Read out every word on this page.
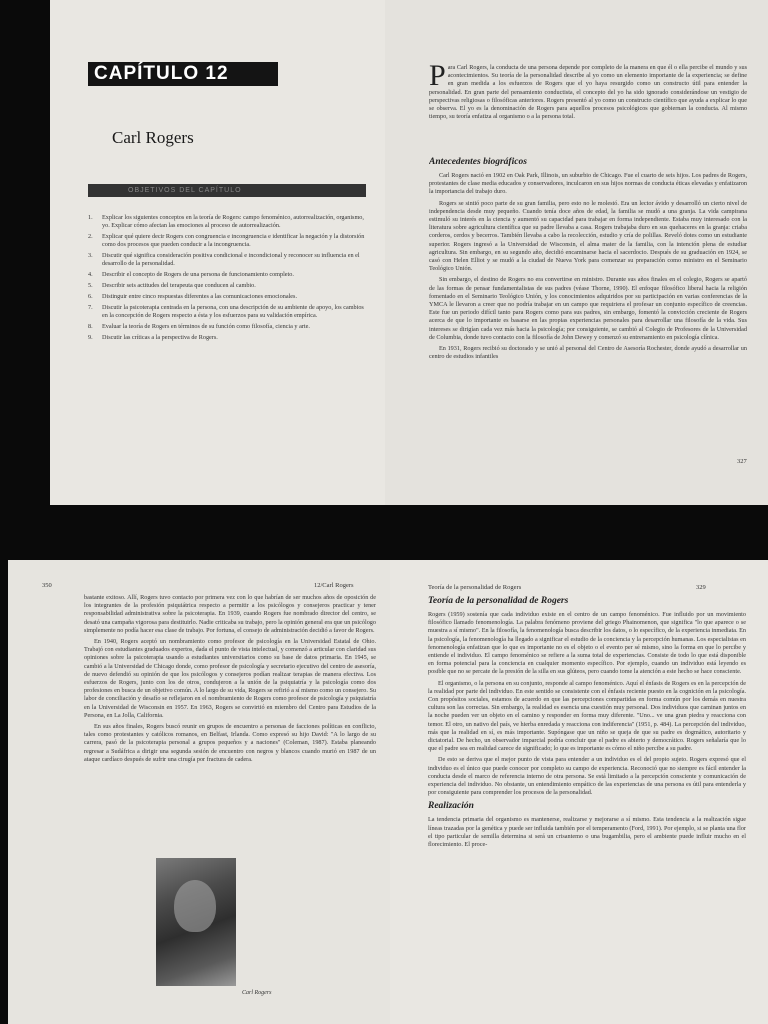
CAPÍTULO 12
Carl Rogers
OBJETIVOS DEL CAPÍTULO
1. Explicar los siguientes conceptos en la teoría de Rogers: campo fenoménico, autorrealización, organismo, yo. Explicar cómo afectan las emociones al proceso de autorrealización.
2. Explicar qué quiere decir Rogers con congruencia e incongruencia e identificar la negación y la distorsión como dos procesos que pueden conducir a la incongruencia.
3. Discutir qué significa consideración positiva condicional e incondicional y reconocer su influencia en el desarrollo de la personalidad.
4. Describir el concepto de Rogers de una persona de funcionamiento completo.
5. Describir seis actitudes del terapeuta que conducen al cambio.
6. Distinguir entre cinco respuestas diferentes a las comunicaciones emocionales.
7. Discutir la psicoterapia centrada en la persona, con una descripción de su ambiente de apoyo, los cambios en la concepción de Rogers respecto a ésta y los esfuerzos para su validación empírica.
8. Evaluar la teoría de Rogers en términos de su función como filosofía, ciencia y arte.
9. Discutir las críticas a la perspectiva de Rogers.

Para Carl Rogers, la conducta de una persona depende por completo de la manera en que él o ella percibe el mundo y sus acontecimientos. Su teoría de la personalidad describe al yo como un elemento importante de la experiencia; se define en gran medida a los esfuerzos de Rogers que el yo haya resurgido como un constructo útil para entender la personalidad. En gran parte del pensamiento conductista, el concepto del yo ha sido ignorado considerándose un vestigio de perspectivas religiosas o filosóficas anteriores. Rogers presentó al yo como un constructo científico que ayuda a explicar lo que se observa. El yo es la denominación de Rogers para aquellos procesos psicológicos que gobiernan la conducta. Al mismo tiempo, su teoría enfatiza al organismo o a la persona total.

Antecedentes biográficos

Carl Rogers nació en 1902 en Oak Park, Illinois, un suburbio de Chicago. Fue el cuarto de seis hijos. Los padres de Rogers, protestantes de clase media educados y conservadores, inculcaron en sus hijos normas de conducta éticas elevadas y enfatizaron la importancia del trabajo duro.

Rogers se sintió poco parte de su gran familia, pero esto no le molestó. Era un lector ávido y desarrolló un cierto nivel de independencia desde muy pequeño. Cuando tenía doce años de edad, la familia se mudó a una granja. La vida campirana estimuló su interés en la ciencia y aumentó su capacidad para trabajar en forma independiente. Estaba muy interesado con la literatura sobre agricultura científica que su padre llevaba a casa. Rogers trabajaba duro en sus quehaceres en la granja: criaba corderos, cerdos y becerros. También llevaba a cabo la recolección, estudio y cría de polillas. Reveló dotes como un estudiante superior. Rogers ingresó a la Universidad de Wisconsin, el alma mater de la familia, con la intención plena de estudiar agricultura. Sin embargo, en su segundo año, decidió encaminarse hacia el sacerdocio. Después de su graduación en 1924, se casó con Helen Elliot y se mudó a la ciudad de Nueva York para comenzar su preparación como ministro en el Seminario Teológico Unión.

Sin embargo, el destino de Rogers no era convertirse en ministro. Durante sus años finales en el colegio, Rogers se apartó de las formas de pensar fundamentalistas de sus padres (véase Thorne, 1990). El enfoque filosófico liberal hacia la religión fomentado en el Seminario Teológico Unión, y los conocimientos adquiridos por su participación en varias conferencias de la YMCA le llevaron a creer que no podría trabajar en un campo que requiriera el profesar un conjunto específico de creencias. Este fue un periodo difícil tanto para Rogers como para sus padres, sin embargo, fomentó la convicción creciente de Rogers acerca de que lo importante es basarse en las propias experiencias personales para desarrollar una filosofía de la vida. Sus intereses se dirigían cada vez más hacia la psicología; por consiguiente, se cambió al Colegio de Profesores de la Universidad de Columbia, donde tuvo contacto con la filosofía de John Dewey y comenzó su entrenamiento en psicología clínica.

En 1931, Rogers recibió su doctorado y se unió al personal del Centro de Asesoría Rochester, donde ayudó a desarrollar un centro de estudios infantiles

327
350	12/Carl Rogers

bastante exitoso. Allí, Rogers tuvo contacto por primera vez con lo que habrían de ser muchos años de oposición de los integrantes de la profesión psiquiátrica respecto a permitir a los psicólogos y consejeros practicar y tener responsabilidad administrativa sobre la psicoterapia. En 1939, cuando Rogers fue nombrado director del centro, se desató una campaña vigorosa para destituirlo. Nadie criticaba su trabajo, pero la opinión general era que un psicólogo simplemente no podía hacer esa clase de trabajo. Por fortuna, el consejo de administración decidió a favor de Rogers.

En 1940, Rogers aceptó un nombramiento como profesor de psicología en la Universidad Estatal de Ohio. Trabajó con estudiantes graduados expertos, dada el punto de vista intelectual, y comenzó a articular con claridad sus opiniones sobre la psicoterapia usando a estudiantes universitarios como su base de datos primaria. En 1945, se cambió a la Universidad de Chicago donde, como profesor de psicología y secretario ejecutivo del centro de asesoría, de nuevo defendió su opinión de que los psicólogos y consejeros podían realizar terapias de manera efectiva. Los esfuerzos de Rogers, junto con los de otros, condujeron a la unión de la psiquiatría y la psicología como dos profesiones en busca de un objetivo común. A lo largo de su vida, Rogers se refirió a sí mismo como un consejero. Su labor de conciliación y desafío se reflejaron en el nombramiento de Rogers como profesor de psicología y psiquiatría en la Universidad de Wisconsin en 1957. En 1963, Rogers se convirtió en miembro del Centro para Estudios de la Persona, en La Jolla, California.

En sus años finales, Rogers buscó reunir en grupos de encuentro a personas de facciones políticas en conflicto, tales como protestantes y católicos romanos, en Belfast, Irlanda. Como expresó su hijo David: "A lo largo de su carrera, pasó de la psicoterapia personal a grupos pequeños y a naciones" (Coleman, 1987). Estaba planeando regresar a Sudáfrica a dirigir una segunda sesión de encuentro con negros y blancos cuando murió en 1987 de un ataque cardíaco después de sufrir una cirugía por fractura de cadera.

Carl Rogers
Teoría de la personalidad de Rogers	329
Teoría de la personalidad de Rogers

Rogers (1959) sostenía que cada individuo existe en el centro de un campo fenoménico. Fue influido por un movimiento filosófico llamado fenomenología. La palabra fenómeno proviene del griego Phainomenon, que significa "lo que aparece o se muestra a sí mismo". En la filosofía, la fenomenología busca describir los datos, o lo específico, de la experiencia inmediata. En la psicología, la fenomenología ha llegado a significar el estudio de la conciencia y la percepción humanas. Los especialistas en fenomenología enfatizan que lo que es importante no es el objeto o el evento per sé mismo, sino la forma en que lo percibe y entiende el individuo. El campo fenoménico se refiere a la suma total de experiencias. Consiste de todo lo que está disponible en forma potencial para la conciencia en cualquier momento específico. Por ejemplo, cuando un individuo está leyendo es posible que no se percate de la presión de la silla en sus glúteos, pero cuando tome la atención a este hecho se hace consciente.

El organismo, o la persona en su conjunto, responde al campo fenoménico. Aquí el énfasis de Rogers es en la percepción de la realidad por parte del individuo. En este sentido se consistente con el énfasis reciente puesto en la cognición en la psicología. Con propósitos sociales, estamos de acuerdo en que las percepciones compartidas en forma común por los demás en nuestra cultura son las correctas. Sin embargo, la realidad es esencia una cuestión muy personal. Dos individuos que caminan juntos en la noche pueden ver un objeto en el camino y responder en forma muy diferente. "Uno... ve una gran piedra y reacciona con temor. El otro, un nativo del país, ve hierba enredada y reacciona con indiferencia" (1951, p. 484). La percepción del individuo, más que la realidad en sí, es más importante. Supóngase que un niño se queja de que su padre es dogmático, autoritario y dictatorial. De hecho, un observador imparcial podría concluir que el padre es abierto y democrático. Rogers señalaría que lo que el padre sea en realidad carece de significado; lo que es importante es cómo el niño percibe a su padre.

De esto se deriva que el mejor punto de vista para entender a un individuo es el del propio sujeto. Rogers expresó que el individuo es el único que puede conocer por completo su campo de experiencia. Reconoció que no siempre es fácil entender la conducta desde el marco de referencia interno de otra persona. Se está limitado a la percepción consciente y comunicación de experiencia del individuo. No obstante, un entendimiento empático de las experiencias de una persona es útil para entenderla y por consiguiente para comprender los procesos de la personalidad.

Realización

La tendencia primaria del organismo es mantenerse, realizarse y mejorarse a sí mismo. Esta tendencia a la realización sigue líneas trazadas por la genética y puede ser influida también por el temperamento (Ford, 1991). Por ejemplo, si se planta una flor el tipo particular de semilla determina si será un crisantemo o una bugambilia, pero el ambiente puede influir mucho en el florecimiento. El proce-
